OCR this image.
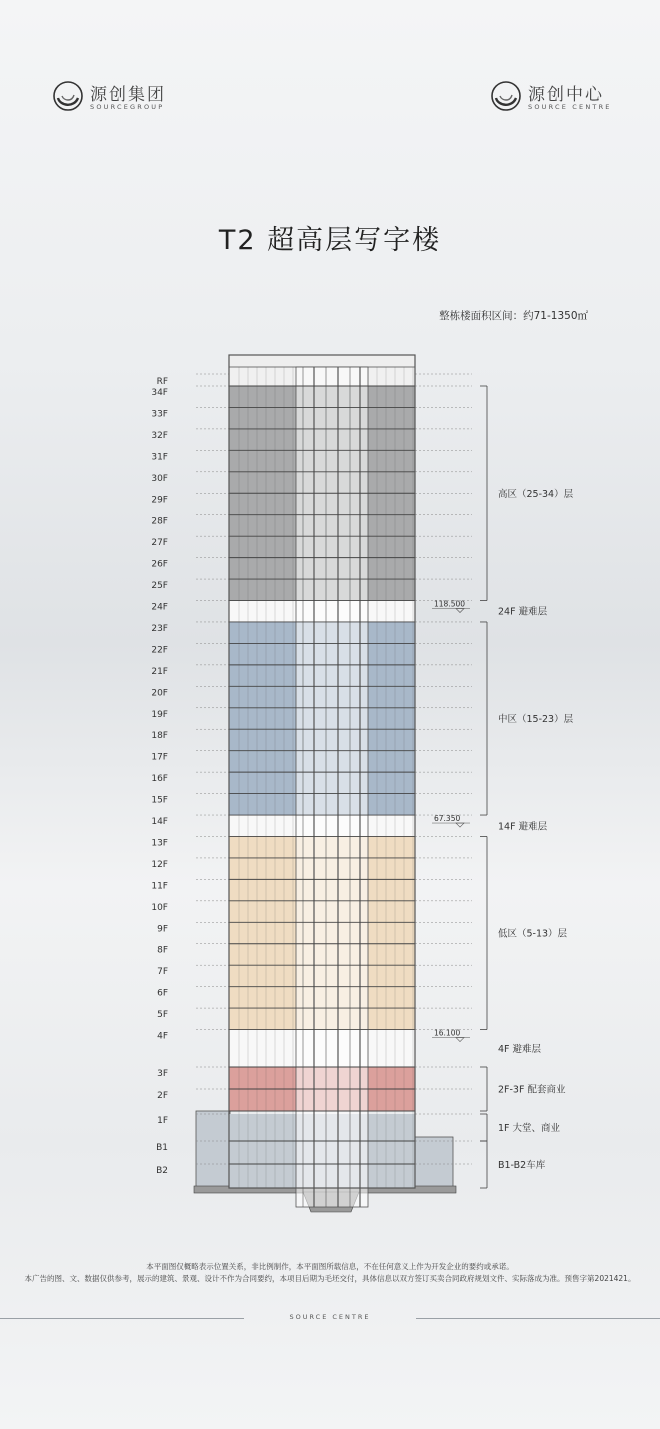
源创集团
SOURCEGROUP
源创中心
SOURCE CENTRE
T2 超高层写字楼
整栋楼面积区间：约71-1350㎡
RF
34F
33F
32F
31F
30F
29F
28F
27F
26F
25F
24F
23F
22F
21F
20F
19F
18F
17F
16F
15F
14F
13F
12F
11F
10F
9F
8F
7F
6F
5F
4F
3F
2F
1F
B1
B2
118.500
67.350
16.100
高区（25-34）层
24F 避难层
中区（15-23）层
14F 避难层
低区（5-13）层
4F 避难层
2F-3F 配套商业
1F 大堂、商业
B1-B2车库
本平面图仅概略表示位置关系，非比例制作，本平面图所载信息，不在任何意义上作为开发企业的要约或承诺。
本广告的图、文、数据仅供参考，展示的建筑、景观、设计不作为合同要约，本项目后期为毛坯交付，具体信息以双方签订买卖合同政府规划文件、实际落成为准。预售字第2021421。
SOURCE CENTRE
